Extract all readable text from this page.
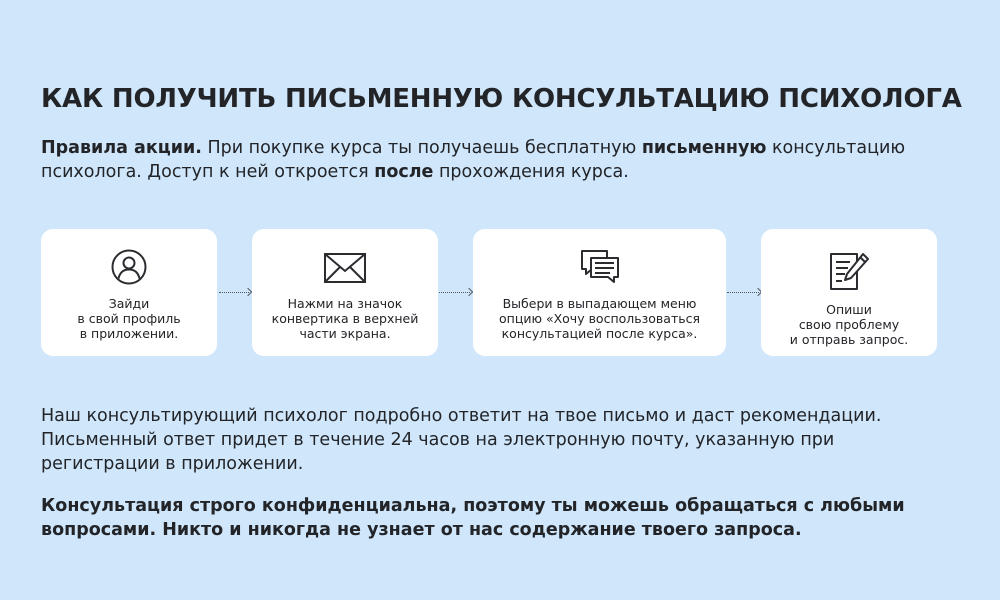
КАК ПОЛУЧИТЬ ПИСЬМЕННУЮ КОНСУЛЬТАЦИЮ ПСИХОЛОГА

Правила акции. При покупке курса ты получаешь бесплатную письменную консультацию психолога. Доступ к ней откроется после прохождения курса.

Зайди
в свой профиль
в приложении.
Нажми на значок
конвертика в верхней
части экрана.
Выбери в выпадающем меню
опцию «Хочу воспользоваться
консультацией после курса».
Опиши
свою проблему
и отправь запрос.

Наш консультирующий психолог подробно ответит на твое письмо и даст рекомендации.
Письменный ответ придет в течение 24 часов на электронную почту, указанную при
регистрации в приложении.

Консультация строго конфиденциальна, поэтому ты можешь обращаться с любыми
вопросами. Никто и никогда не узнает от нас содержание твоего запроса.
